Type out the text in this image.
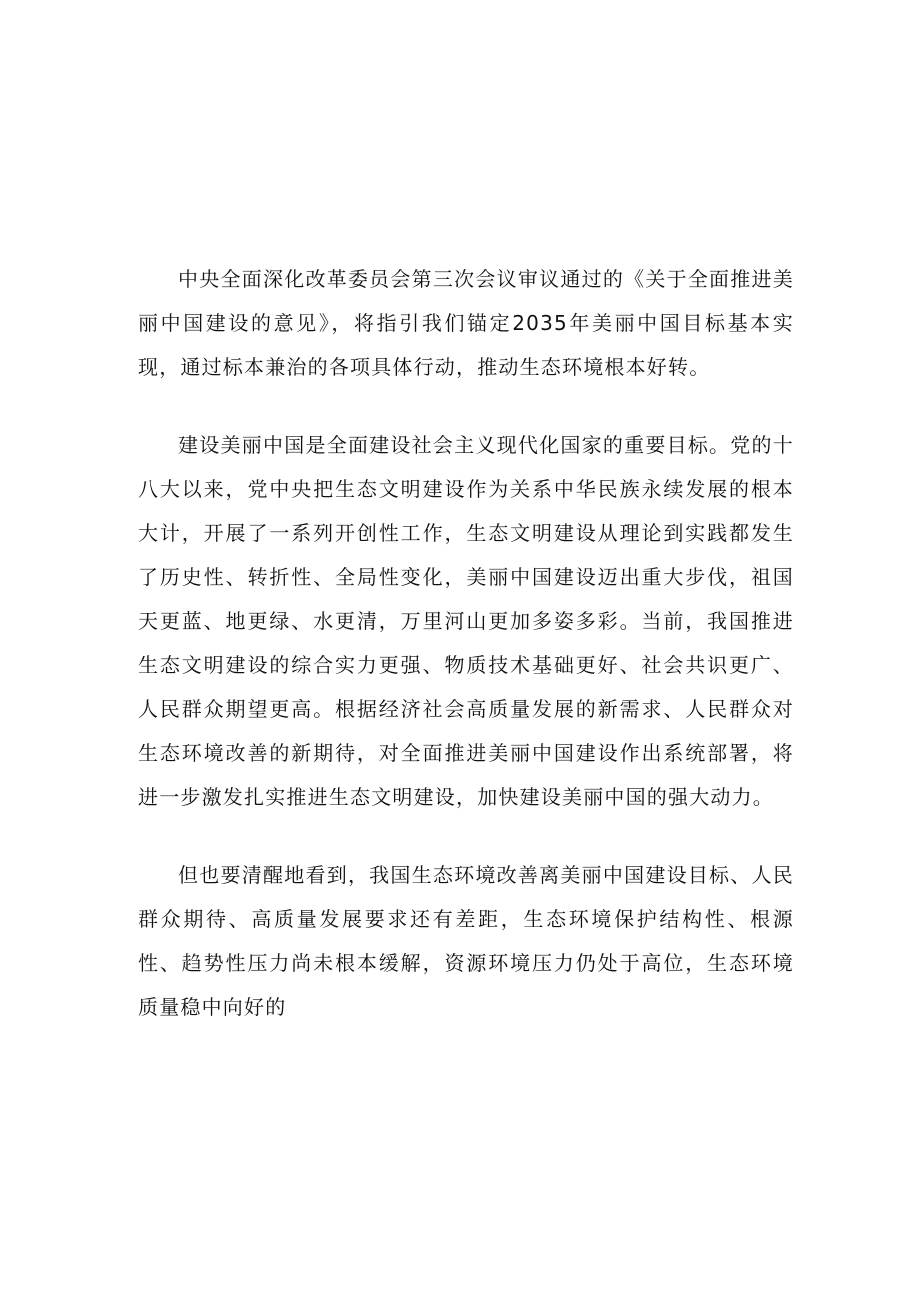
中央全面深化改革委员会第三次会议审议通过的《关于全面推进美丽中国建设的意见》，将指引我们锚定2035年美丽中国目标基本实现，通过标本兼治的各项具体行动，推动生态环境根本好转。

建设美丽中国是全面建设社会主义现代化国家的重要目标。党的十八大以来，党中央把生态文明建设作为关系中华民族永续发展的根本大计，开展了一系列开创性工作，生态文明建设从理论到实践都发生了历史性、转折性、全局性变化，美丽中国建设迈出重大步伐，祖国天更蓝、地更绿、水更清，万里河山更加多姿多彩。当前，我国推进生态文明建设的综合实力更强、物质技术基础更好、社会共识更广、人民群众期望更高。根据经济社会高质量发展的新需求、人民群众对生态环境改善的新期待，对全面推进美丽中国建设作出系统部署，将进一步激发扎实推进生态文明建设，加快建设美丽中国的强大动力。

但也要清醒地看到，我国生态环境改善离美丽中国建设目标、人民群众期待、高质量发展要求还有差距，生态环境保护结构性、根源性、趋势性压力尚未根本缓解，资源环境压力仍处于高位，生态环境质量稳中向好的
